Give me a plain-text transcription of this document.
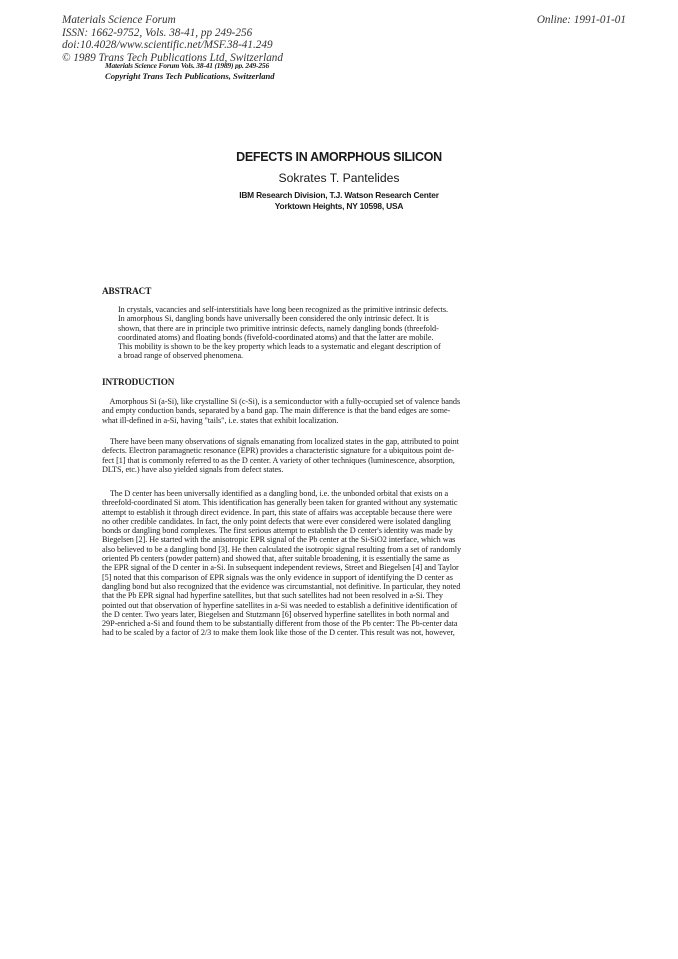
Materials Science Forum
ISSN: 1662-9752, Vols. 38-41, pp 249-256
doi:10.4028/www.scientific.net/MSF.38-41.249
© 1989 Trans Tech Publications Ltd, Switzerland
Online: 1991-01-01
Materials Science Forum Vols. 38-41 (1989) pp. 249-256
Copyright Trans Tech Publications, Switzerland
DEFECTS IN AMORPHOUS SILICON
Sokrates T. Pantelides
IBM Research Division, T.J. Watson Research Center
Yorktown Heights, NY 10598, USA
ABSTRACT
In crystals, vacancies and self-interstitials have long been recognized as the primitive intrinsic defects.
In amorphous Si, dangling bonds have universally been considered the only intrinsic defect. It is
shown, that there are in principle two primitive intrinsic defects, namely dangling bonds (threefold-
coordinated atoms) and floating bonds (fivefold-coordinated atoms) and that the latter are mobile.
This mobility is shown to be the key property which leads to a systematic and elegant description of
a broad range of observed phenomena.
INTRODUCTION
Amorphous Si (a-Si), like crystalline Si (c-Si), is a semiconductor with a fully-occupied set of valence bands
and empty conduction bands, separated by a band gap. The main difference is that the band edges are some-
what ill-defined in a-Si, having "tails", i.e. states that exhibit localization.
There have been many observations of signals emanating from localized states in the gap, attributed to point
defects. Electron paramagnetic resonance (EPR) provides a characteristic signature for a ubiquitous point de-
fect [1] that is commonly referred to as the D center. A variety of other techniques (luminescence, absorption,
DLTS, etc.) have also yielded signals from defect states.
The D center has been universally identified as a dangling bond, i.e. the unbonded orbital that exists on a
threefold-coordinated Si atom. This identification has generally been taken for granted without any systematic
attempt to establish it through direct evidence. In part, this state of affairs was acceptable because there were
no other credible candidates. In fact, the only point defects that were ever considered were isolated dangling
bonds or dangling bond complexes. The first serious attempt to establish the D center's identity was made by
Biegelsen [2]. He started with the anisotropic EPR signal of the Pb center at the Si-SiO2 interface, which was
also believed to be a dangling bond [3]. He then calculated the isotropic signal resulting from a set of randomly
oriented Pb centers (powder pattern) and showed that, after suitable broadening, it is essentially the same as
the EPR signal of the D center in a-Si. In subsequent independent reviews, Street and Biegelsen [4] and Taylor
[5] noted that this comparison of EPR signals was the only evidence in support of identifying the D center as
dangling bond but also recognized that the evidence was circumstantial, not definitive. In particular, they noted
that the Pb EPR signal had hyperfine satellites, but that such satellites had not been resolved in a-Si. They
pointed out that observation of hyperfine satellites in a-Si was needed to establish a definitive identification of
the D center. Two years later, Biegelsen and Stutzmann [6] observed hyperfine satellites in both normal and
29P-enriched a-Si and found them to be substantially different from those of the Pb center: The Pb-center data
had to be scaled by a factor of 2/3 to make them look like those of the D center. This result was not, however,
